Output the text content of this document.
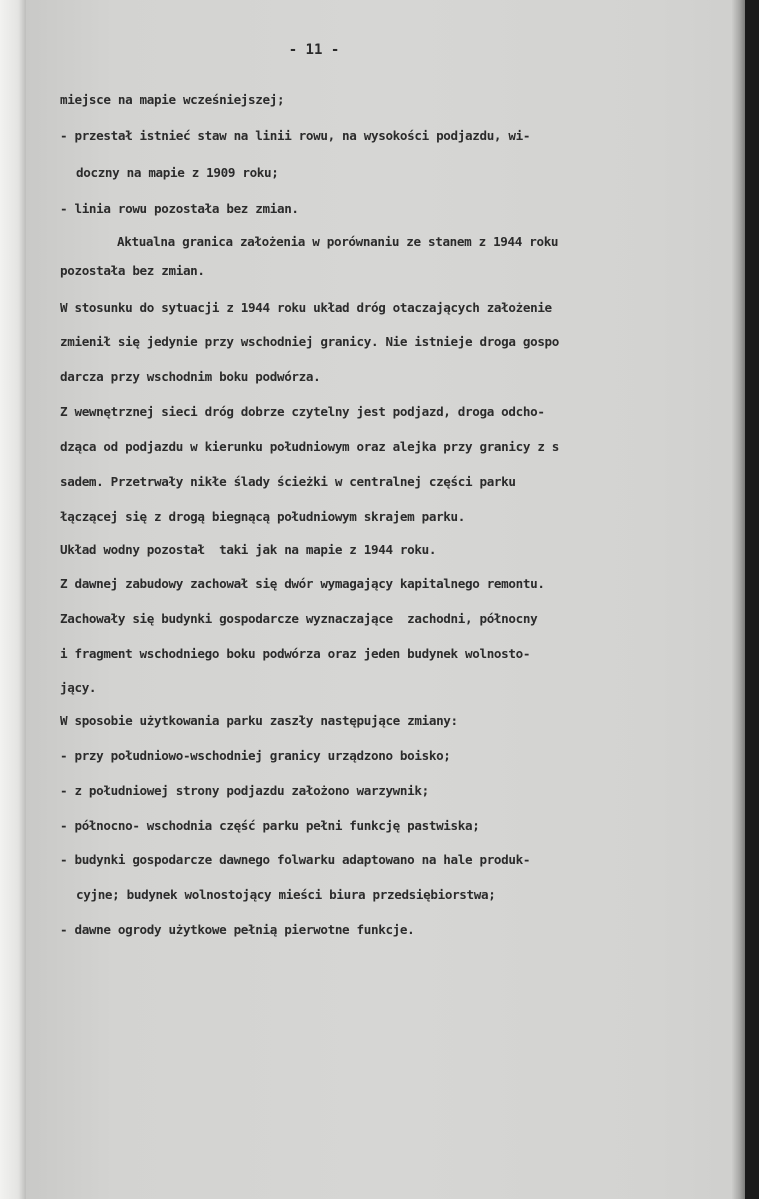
- 11 -
miejsce na mapie wcześniejszej;
- przestał istnieć staw na linii rowu, na wysokości podjazdu, wi-
doczny na mapie z 1909 roku;
- linia rowu pozostała bez zmian.
Aktualna granica założenia w porównaniu ze stanem z 1944 roku
pozostała bez zmian.
W stosunku do sytuacji z 1944 roku układ dróg otaczających założenie
zmienił się jedynie przy wschodniej granicy. Nie istnieje droga gospo
darcza przy wschodnim boku podwórza.
Z wewnętrznej sieci dróg dobrze czytelny jest podjazd, droga odcho-
dząca od podjazdu w kierunku południowym oraz alejka przy granicy z s
sadem. Przetrwały nikłe ślady ścieżki w centralnej części parku
łączącej się z drogą biegnącą południowym skrajem parku.
Układ wodny pozostał  taki jak na mapie z 1944 roku.
Z dawnej zabudowy zachował się dwór wymagający kapitalnego remontu.
Zachowały się budynki gospodarcze wyznaczające  zachodni, północny
i fragment wschodniego boku podwórza oraz jeden budynek wolnosto-
jący.
W sposobie użytkowania parku zaszły następujące zmiany:
- przy południowo-wschodniej granicy urządzono boisko;
- z południowej strony podjazdu założono warzywnik;
- północno- wschodnia część parku pełni funkcję pastwiska;
- budynki gospodarcze dawnego folwarku adaptowano na hale produk-
cyjne; budynek wolnostojący mieści biura przedsiębiorstwa;
- dawne ogrody użytkowe pełnią pierwotne funkcje.
